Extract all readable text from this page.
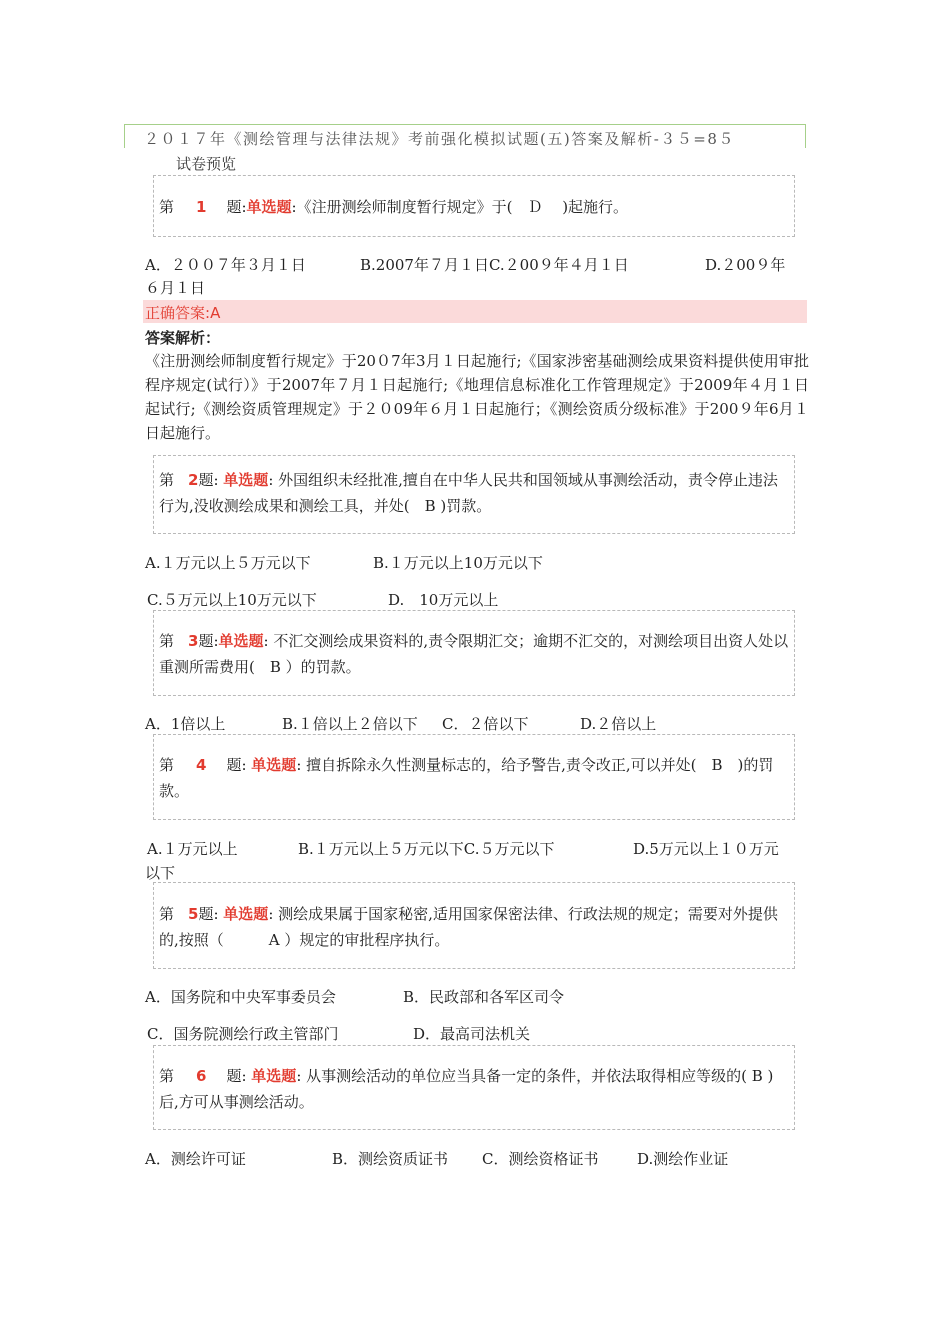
２０１７年《测绘管理与法律法规》考前强化模拟试题(五)答案及解析-３５=8５
试卷预览
第 1 题:单选题:《注册测绘师制度暂行规定》于(　Ｄ　 )起施行。
A．２００７年３月１日	B.2007年７月１日C.２00９年４月１日	D.２00９年
６月１日
正确答案:A
答案解析：
《注册测绘师制度暂行规定》于20０7年3月１日起施行;《国家涉密基础测绘成果资料提供使用审批程序规定(试行）》于2007年７月１日起施行;《地理信息标准化工作管理规定》于2009年４月１日起试行;《测绘资质管理规定》于２０09年６月１日起施行；《测绘资质分级标准》于200９年6月１日起施行。
第 2题: 单选题: 外国组织未经批准,擅自在中华人民共和国领域从事测绘活动，责令停止违法行为,没收测绘成果和测绘工具，并处(　B )罚款。
A.１万元以上５万元以下	B.１万元以上10万元以下
C.５万元以上10万元以下	D.　10万元以上
第 3题:单选题: 不汇交测绘成果资料的,责令限期汇交；逾期不汇交的，对测绘项目出资人处以重测所需费用(　B ）的罚款。
A．1倍以上	B.１倍以上２倍以下 C．２倍以下	D.２倍以上
第 4 题: 单选题: 擅自拆除永久性测量标志的，给予警告,责令改正,可以并处(　B　)的罚款。
A.１万元以上	B.１万元以上５万元以下C.５万元以下	D.5万元以上１０万元
以下
第 5题: 单选题: 测绘成果属于国家秘密,适用国家保密法律、行政法规的规定；需要对外提供的,按照（　　　A ）规定的审批程序执行。
A．国务院和中央军事委员会	B．民政部和各军区司令
C．国务院测绘行政主管部门	D．最高司法机关
第 6 题: 单选题: 从事测绘活动的单位应当具备一定的条件，并依法取得相应等级的( B )后,方可从事测绘活动。
A．测绘许可证	B．测绘资质证书 C．测绘资格证书	D.测绘作业证
